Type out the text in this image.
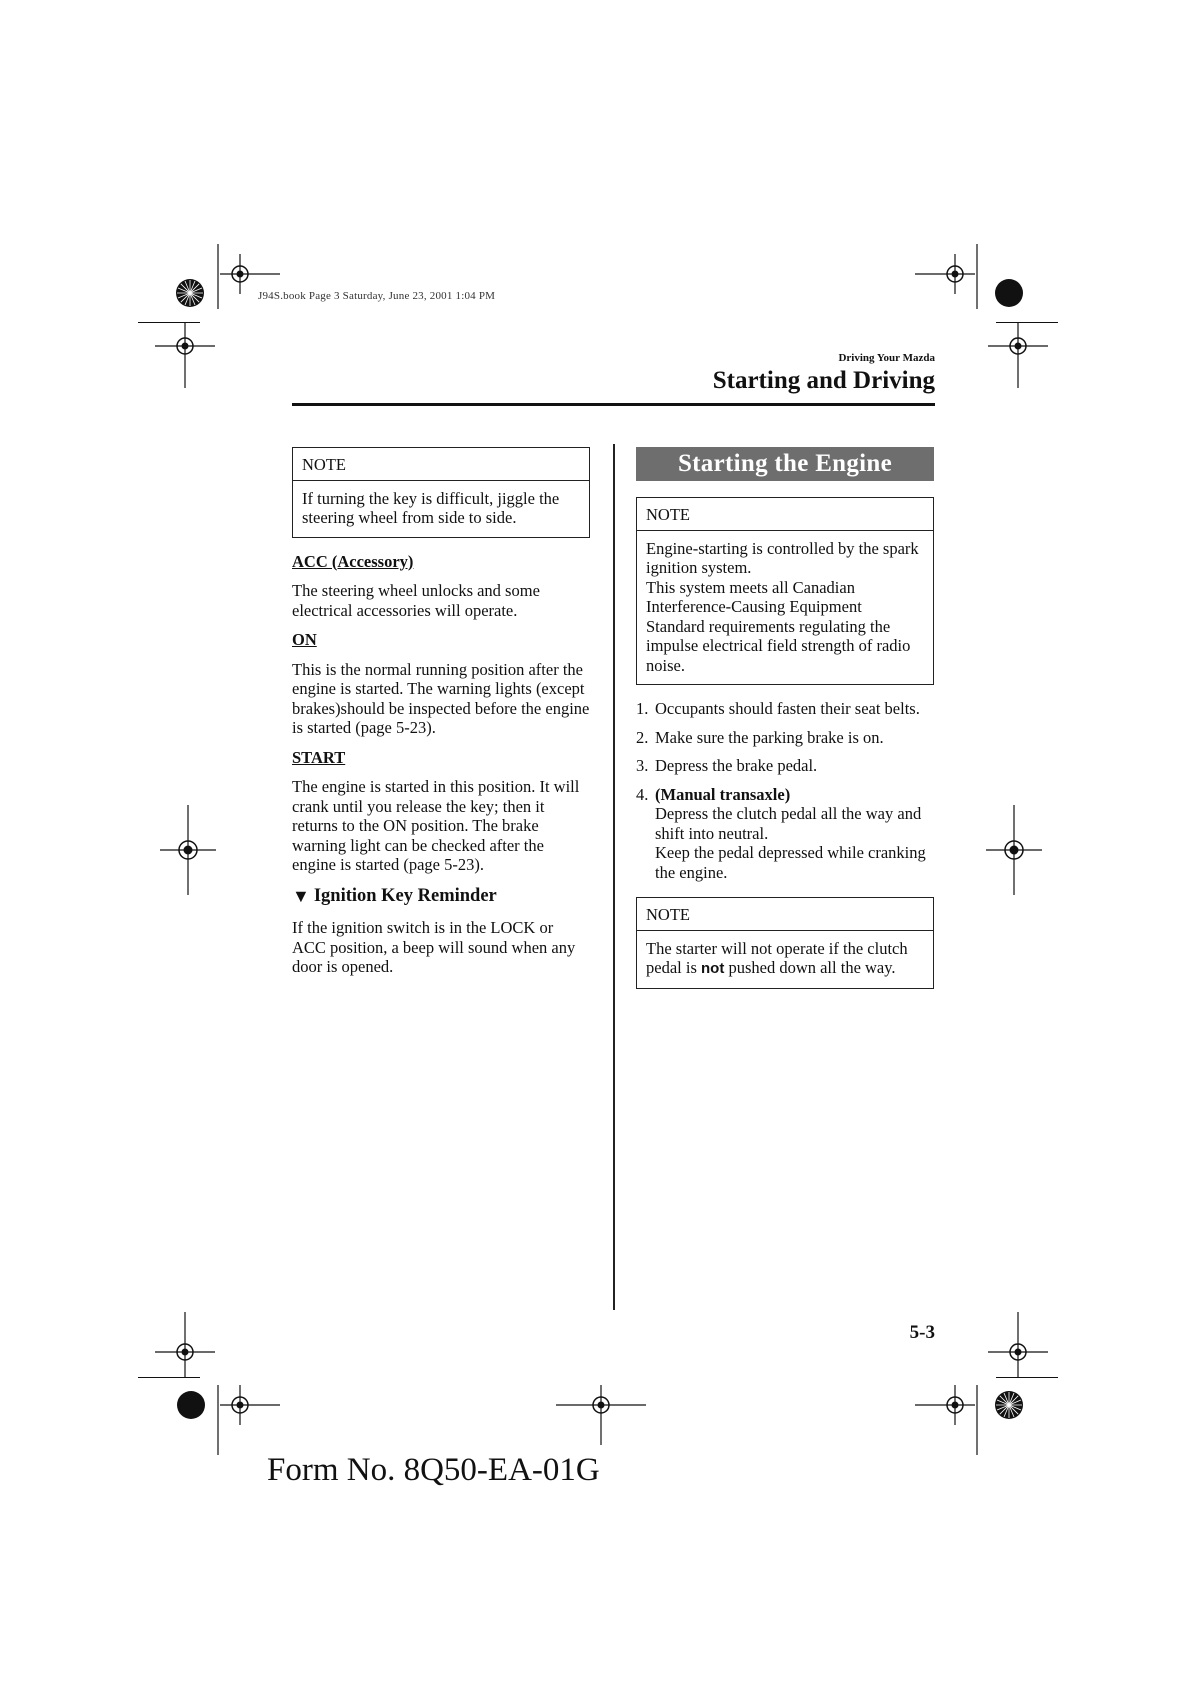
J94S.book Page 3 Saturday, June 23, 2001 1:04 PM
Driving Your Mazda
Starting and Driving
NOTE
If turning the key is difficult, jiggle the steering wheel from side to side.
ACC (Accessory)

The steering wheel unlocks and some electrical accessories will operate.

ON

This is the normal running position after the engine is started. The warning lights (except brakes)should be inspected before the engine is started (page 5-23).

START

The engine is started in this position. It will crank until you release the key; then it returns to the ON position. The brake warning light can be checked after the engine is started (page 5-23).

▼ Ignition Key Reminder

If the ignition switch is in the LOCK or ACC position, a beep will sound when any door is opened.

Starting the Engine
NOTE
Engine-starting is controlled by the spark ignition system.
This system meets all Canadian Interference-Causing Equipment Standard requirements regulating the impulse electrical field strength of radio noise.
1. Occupants should fasten their seat belts.
2. Make sure the parking brake is on.
3. Depress the brake pedal.
4. (Manual transaxle)
Depress the clutch pedal all the way and shift into neutral.
Keep the pedal depressed while cranking the engine.
NOTE
The starter will not operate if the clutch pedal is not pushed down all the way.
5-3
Form No. 8Q50-EA-01G
